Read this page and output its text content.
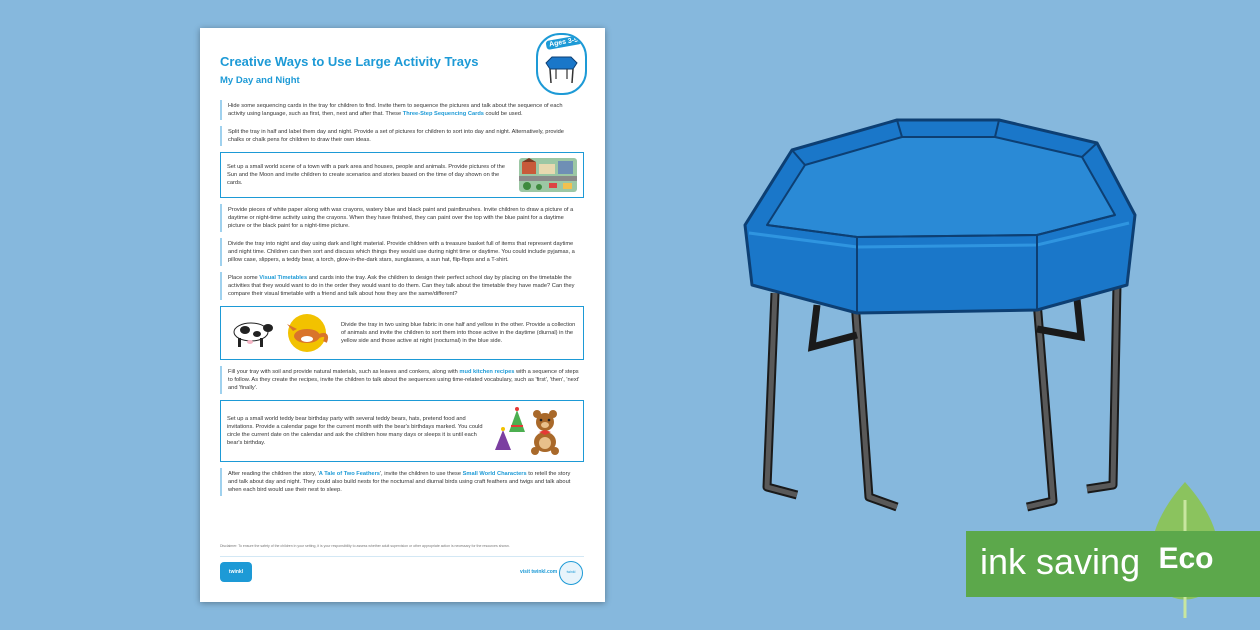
Creative Ways to Use Large Activity Trays
My Day and Night
Ages 3-5
Hide some sequencing cards in the tray for children to find. Invite them to sequence the pictures and talk about the sequence of each activity using language, such as first, then, next and after that. These Three-Step Sequencing Cards could be used.
Split the tray in half and label them day and night. Provide a set of pictures for children to sort into day and night. Alternatively, provide chalks or chalk pens for children to draw their own ideas.
Set up a small world scene of a town with a park area and houses, people and animals. Provide pictures of the Sun and the Moon and invite children to create scenarios and stories based on the time of day shown on the cards.
Provide pieces of white paper along with wax crayons, watery blue and black paint and paintbrushes. Invite children to draw a picture of a daytime or night-time activity using the crayons. When they have finished, they can paint over the top with the blue paint for a daytime picture or the black paint for a night-time picture.
Divide the tray into night and day using dark and light material. Provide children with a treasure basket full of items that represent daytime and night time. Children can then sort and discuss which things they would use during night time or daytime. You could include pyjamas, a pillow case, slippers, a teddy bear, a torch, glow-in-the-dark stars, sunglasses, a sun hat, flip-flops and a T-shirt.
Place some Visual Timetables and cards into the tray. Ask the children to design their perfect school day by placing on the timetable the activities that they would want to do in the order they would want to do them. Can they talk about the timetable they have made? Can they compare their visual timetable with a friend and talk about how they are the same/different?
Divide the tray in two using blue fabric in one half and yellow in the other. Provide a collection of animals and invite the children to sort them into those active in the daytime (diurnal) in the yellow side and those active at night (nocturnal) in the blue side.
Fill your tray with soil and provide natural materials, such as leaves and conkers, along with mud kitchen recipes with a sequence of steps to follow. As they create the recipes, invite the children to talk about the sequences using time-related vocabulary, such as 'first', 'then', 'next' and 'finally'.
Set up a small world teddy bear birthday party with several teddy bears, hats, pretend food and invitations. Provide a calendar page for the current month with the bear's birthdays marked. You could circle the current date on the calendar and ask the children how many days or sleeps it is until each bear's birthday.
After reading the children the story, 'A Tale of Two Feathers', invite the children to use these Small World Characters to retell the story and talk about day and night. They could also build nests for the nocturnal and diurnal birds using craft feathers and twigs and talk about when each bird would use their nest to sleep.
Disclaimer: To ensure the safety of the children in your setting, it is your responsibility to assess whether adult supervision or other appropriate action is necessary for the resources shown.
twinkl	visit twinkl.com	twinkl	ink saving Eco
